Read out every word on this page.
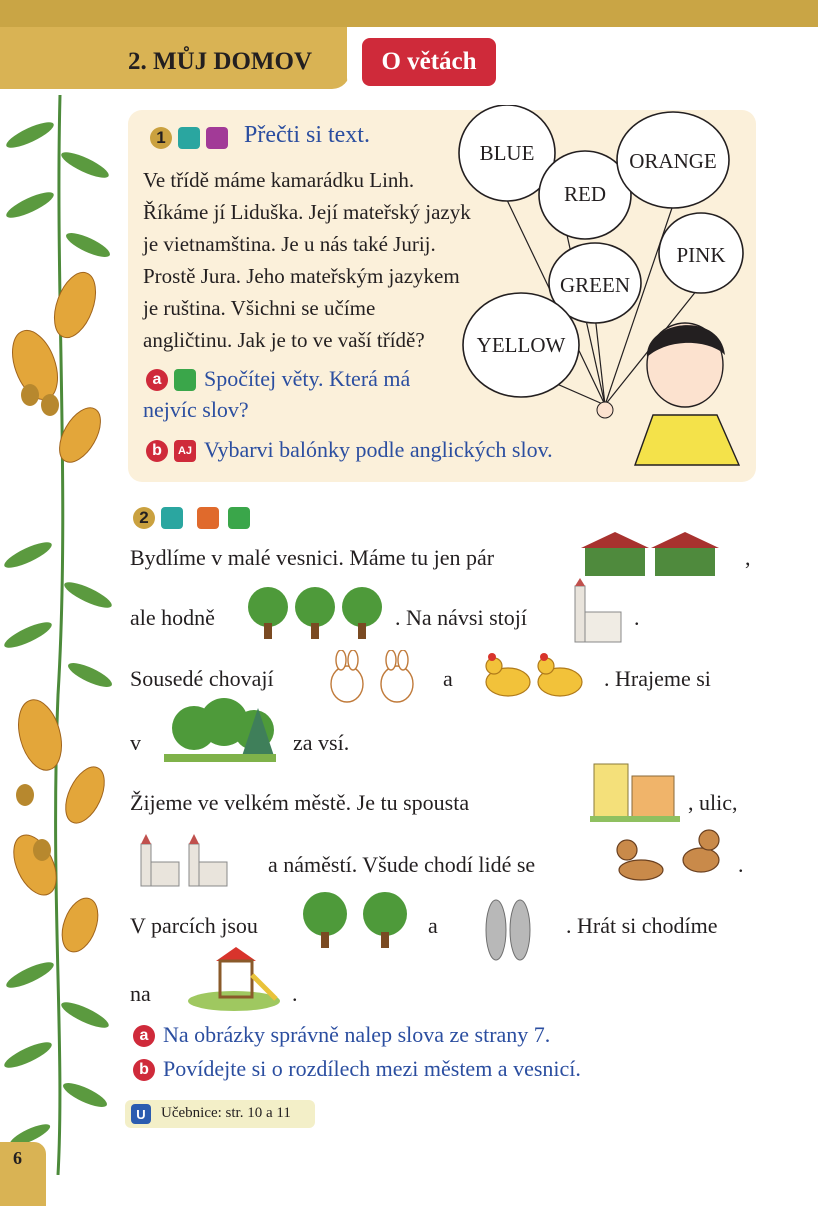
2. MŮJ DOMOV	O větách
1	Přečti si text.
Ve třídě máme kamarádku Linh.
Říkáme jí Liduška. Její mateřský jazyk
je vietnamština. Je u nás také Jurij.
Prostě Jura. Jeho mateřským jazykem
je ruština. Všichni se učíme
angličtinu. Jak je to ve vaší třídě?
BLUE
RED
ORANGE
PINK
GREEN
YELLOW
a Spočítej věty. Která má
nejvíc slov?
b	AJ Vybarvi balónky podle anglických slov.
2
Bydlíme v malé vesnici. Máme tu jen pár	,
ale hodně	. Na návsi stojí	.
Sousedé chovají	a	. Hrajeme si
v	za vsí.
Žijeme ve velkém městě. Je tu spousta	, ulic,
a náměstí. Všude chodí lidé se	.
V parcích jsou	a	. Hrát si chodíme
na	.
a Na obrázky správně nalep slova ze strany 7.
b Povídejte si o rozdílech mezi městem a vesnicí.
U	Učebnice: str. 10 a 11
6
